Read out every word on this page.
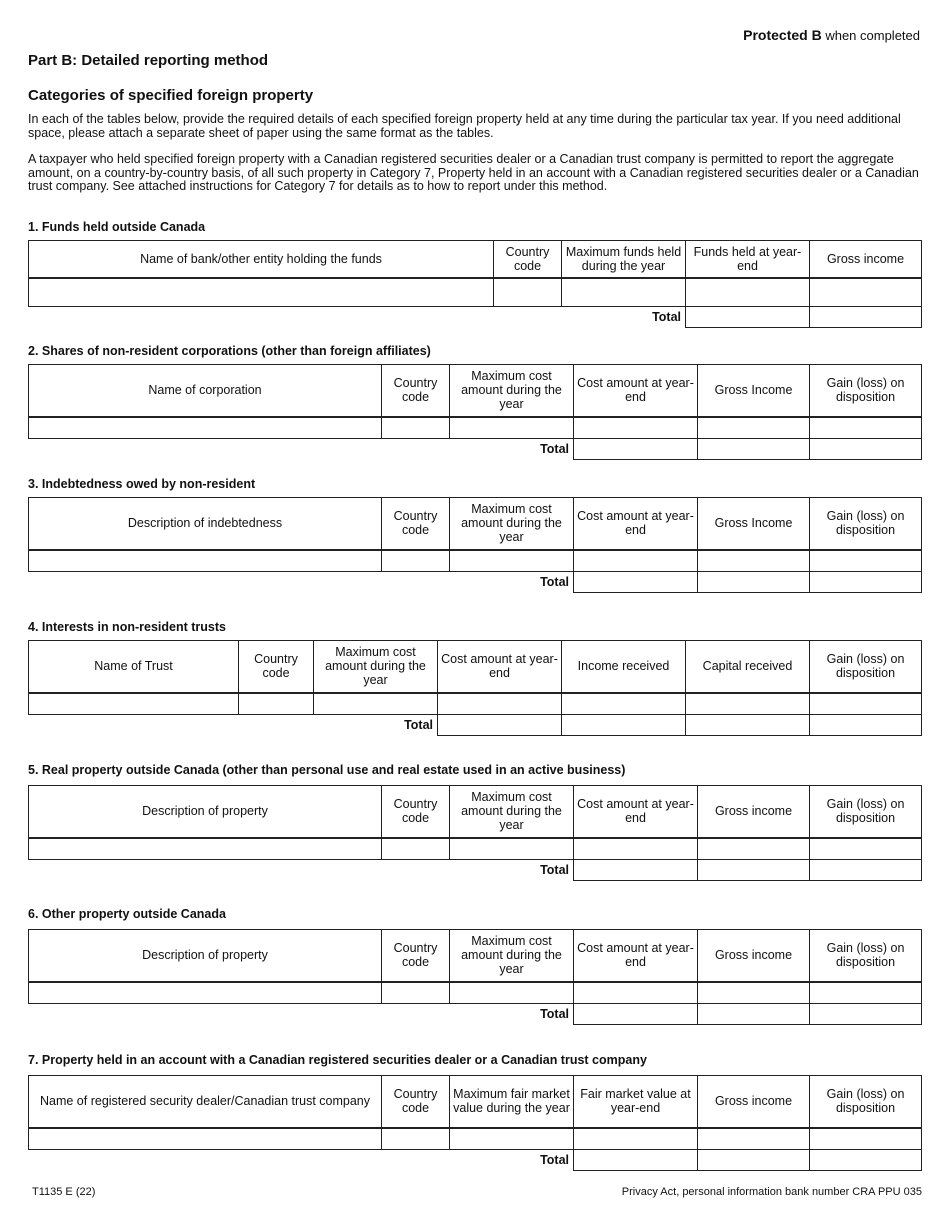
Protected B when completed
Part B: Detailed reporting method
Categories of specified foreign property

In each of the tables below, provide the required details of each specified foreign property held at any time during the particular tax year. If you need additional space, please attach a separate sheet of paper using the same format as the tables.

A taxpayer who held specified foreign property with a Canadian registered securities dealer or a Canadian trust company is permitted to report the aggregate amount, on a country-by-country basis, of all such property in Category 7, Property held in an account with a Canadian registered securities dealer or a Canadian trust company. See attached instructions for Category 7 for details as to how to report under this method.

1. Funds held outside Canada
Name of bank/other entity holding the funds	Country code	Maximum funds held during the year	Funds held at year-end	Gross income

Total				
2. Shares of non-resident corporations (other than foreign affiliates)
Name of corporation	Country code	Maximum cost amount during the year	Cost amount at year-end	Gross Income	Gain (loss) on disposition

Total					
3. Indebtedness owed by non-resident
Description of indebtedness	Country code	Maximum cost amount during the year	Cost amount at year-end	Gross Income	Gain (loss) on disposition

Total					
4. Interests in non-resident trusts
Name of Trust	Country code	Maximum cost amount during the year	Cost amount at year-end	Income received	Capital received	Gain (loss) on disposition

Total						
5. Real property outside Canada (other than personal use and real estate used in an active business)
Description of property	Country code	Maximum cost amount during the year	Cost amount at year-end	Gross income	Gain (loss) on disposition

Total					
6. Other property outside Canada
Description of property	Country code	Maximum cost amount during the year	Cost amount at year-end	Gross income	Gain (loss) on disposition

Total					
7. Property held in an account with a Canadian registered securities dealer or a Canadian trust company
Name of registered security dealer/Canadian trust company	Country code	Maximum fair market value during the year	Fair market value at year-end	Gross income	Gain (loss) on disposition

Total					
T1135 E (22)	Privacy Act, personal information bank number CRA PPU 035
